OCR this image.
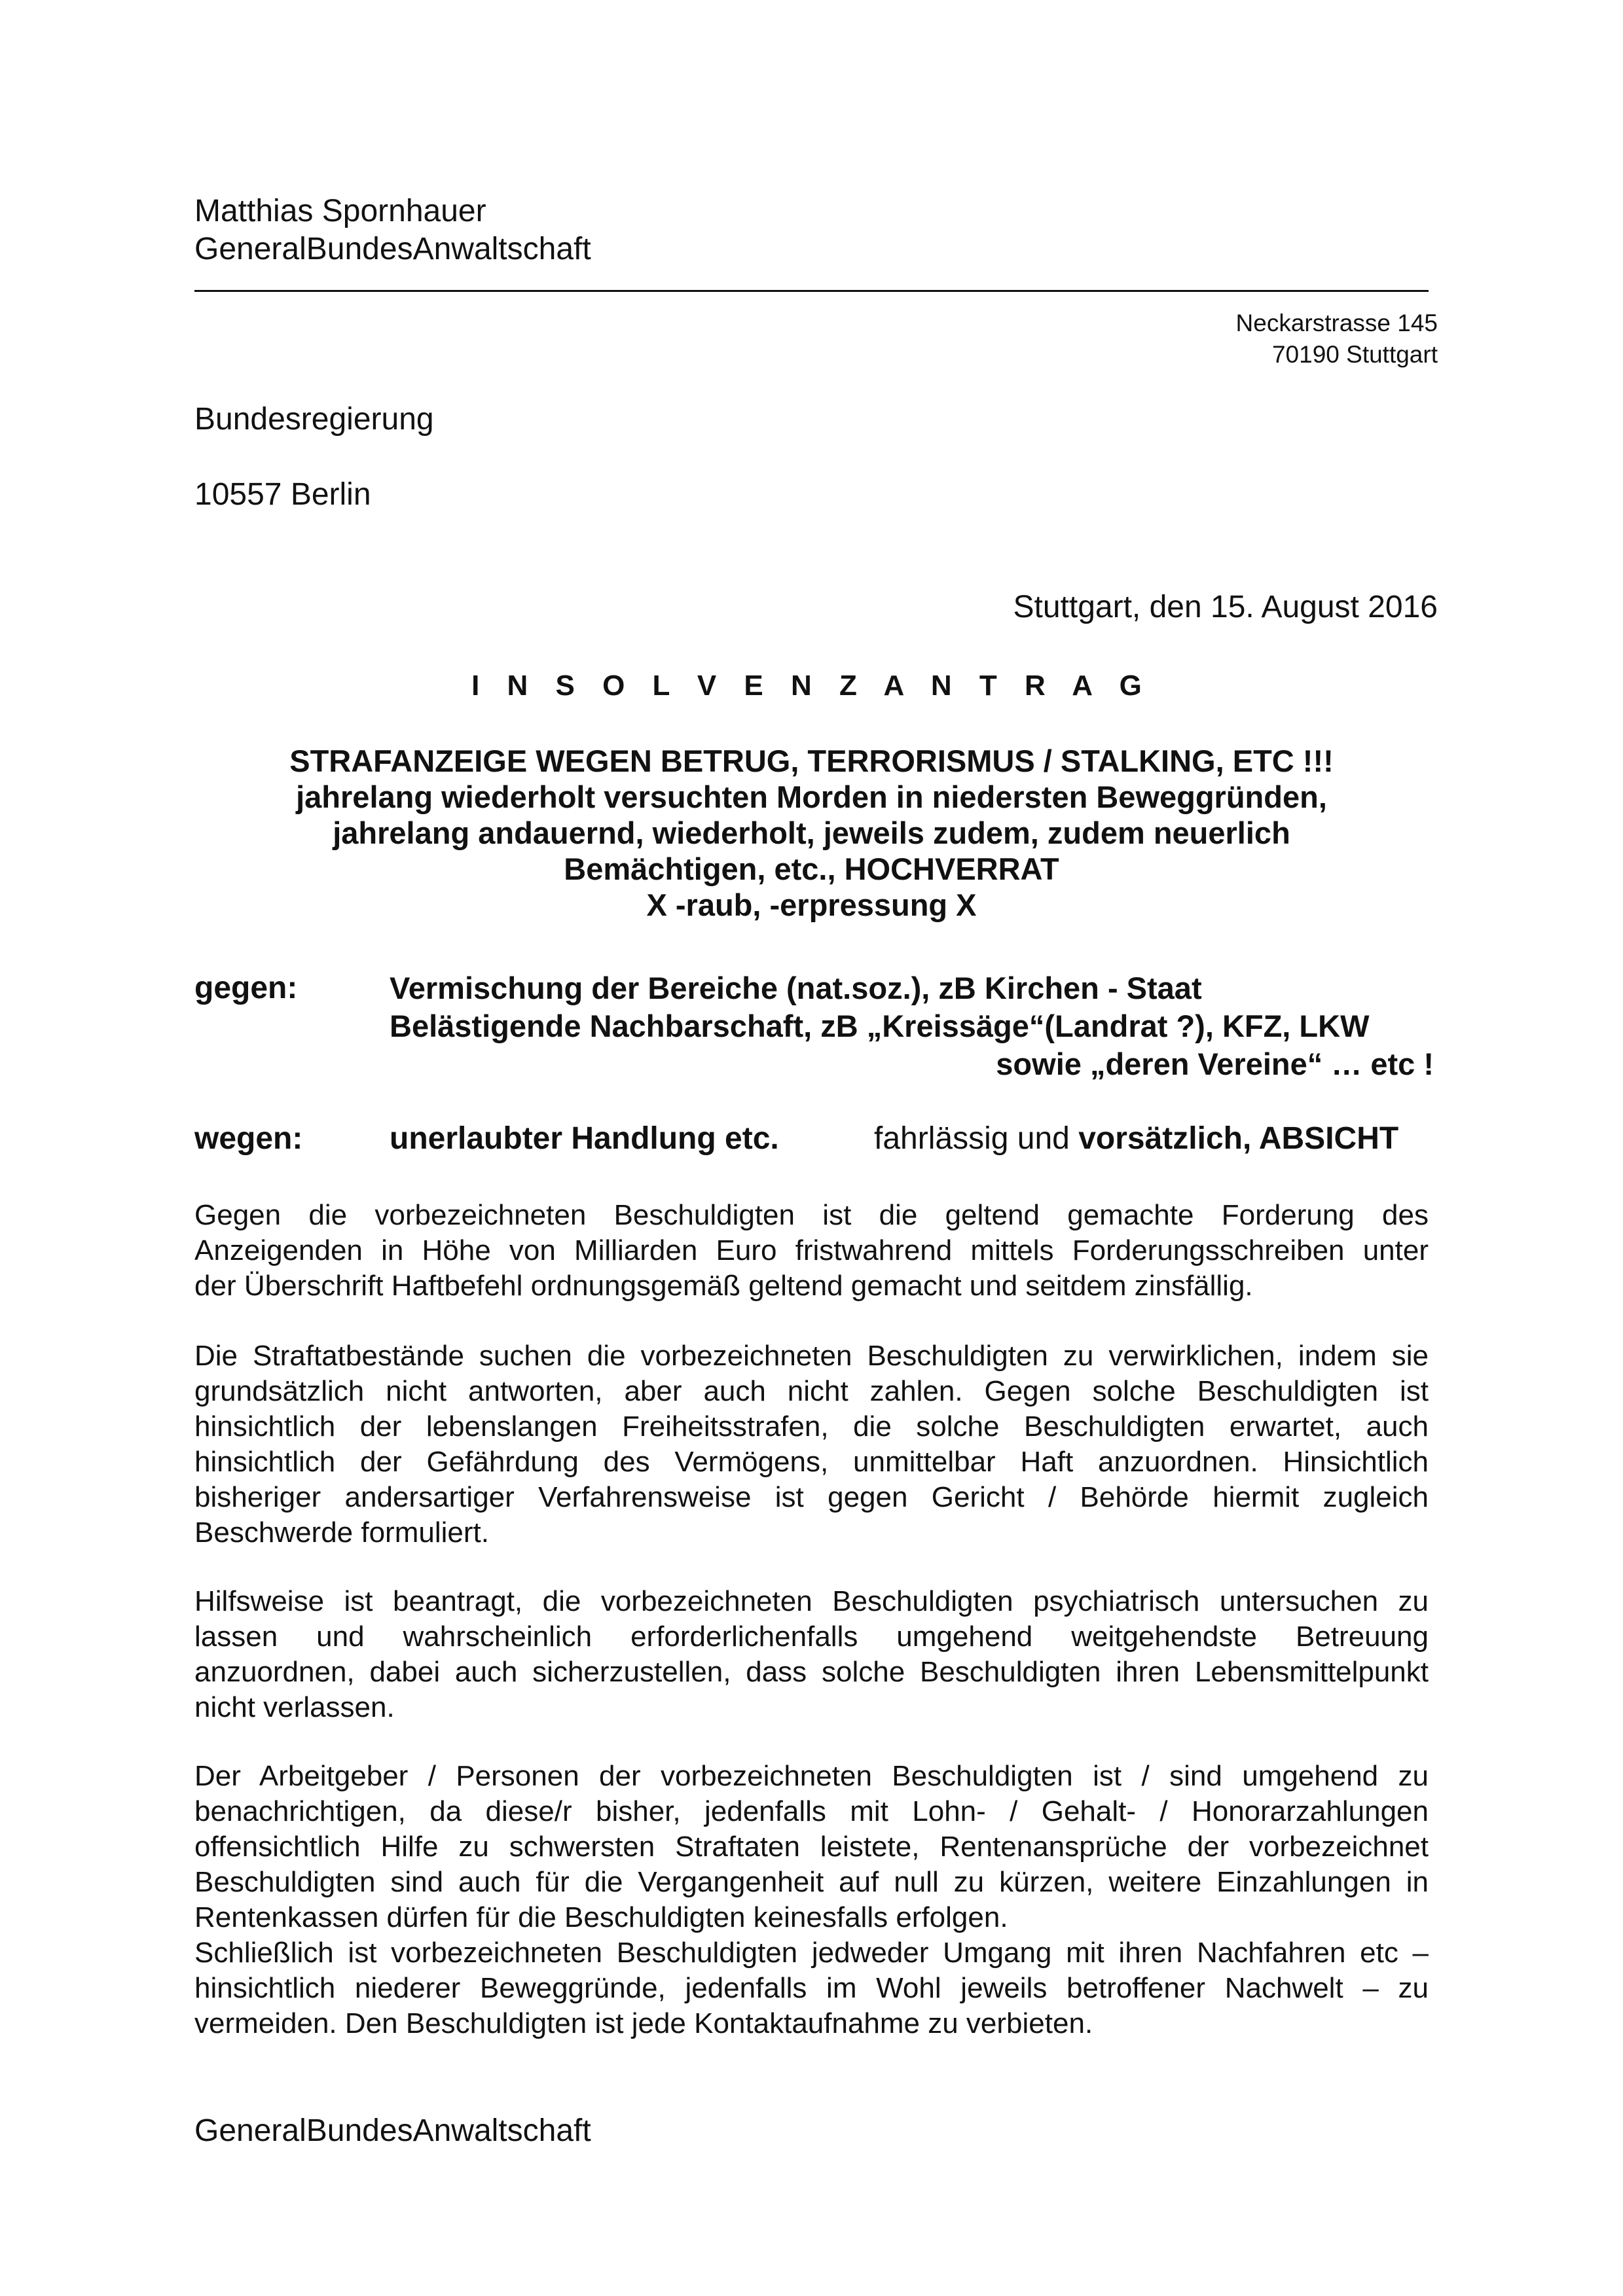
Matthias Spornhauer
GeneralBundesAnwaltschaft
Neckarstrasse 145
70190 Stuttgart
Bundesregierung
10557 Berlin
Stuttgart, den 15. August 2016
I N S O L V E N Z A N T R A G
STRAFANZEIGE WEGEN BETRUG, TERRORISMUS / STALKING, ETC !!!
jahrelang wiederholt versuchten Morden in niedersten Beweggründen,
jahrelang andauernd, wiederholt, jeweils zudem, zudem neuerlich
Bemächtigen, etc., HOCHVERRAT
X -raub, -erpressung X
gegen:	Vermischung der Bereiche (nat.soz.), zB Kirchen - Staat
Belästigende Nachbarschaft, zB „Kreissäge“(Landrat ?), KFZ, LKW
sowie „deren Vereine“ … etc !
wegen:	unerlaubter Handlung etc.	fahrlässig und vorsätzlich, ABSICHT
Gegen die vorbezeichneten Beschuldigten ist die geltend gemachte Forderung des
Anzeigenden in Höhe von Milliarden Euro fristwahrend mittels Forderungsschreiben unter
der Überschrift Haftbefehl ordnungsgemäß geltend gemacht und seitdem zinsfällig.
Die Straftatbestände suchen die vorbezeichneten Beschuldigten zu verwirklichen, indem sie
grundsätzlich nicht antworten, aber auch nicht zahlen. Gegen solche Beschuldigten ist
hinsichtlich der lebenslangen Freiheitsstrafen, die solche Beschuldigten erwartet, auch
hinsichtlich der Gefährdung des Vermögens, unmittelbar Haft anzuordnen. Hinsichtlich
bisheriger andersartiger Verfahrensweise ist gegen Gericht / Behörde hiermit zugleich
Beschwerde formuliert.
Hilfsweise ist beantragt, die vorbezeichneten Beschuldigten psychiatrisch untersuchen zu
lassen und wahrscheinlich erforderlichenfalls umgehend weitgehendste Betreuung
anzuordnen, dabei auch sicherzustellen, dass solche Beschuldigten ihren Lebensmittelpunkt
nicht verlassen.
Der Arbeitgeber / Personen der vorbezeichneten Beschuldigten ist / sind umgehend zu
benachrichtigen, da diese/r bisher, jedenfalls mit Lohn- / Gehalt- / Honorarzahlungen
offensichtlich Hilfe zu schwersten Straftaten leistete, Rentenansprüche der vorbezeichnet
Beschuldigten sind auch für die Vergangenheit auf null zu kürzen, weitere Einzahlungen in
Rentenkassen dürfen für die Beschuldigten keinesfalls erfolgen.
Schließlich ist vorbezeichneten Beschuldigten jedweder Umgang mit ihren Nachfahren etc –
hinsichtlich niederer Beweggründe, jedenfalls im Wohl jeweils betroffener Nachwelt – zu
vermeiden. Den Beschuldigten ist jede Kontaktaufnahme zu verbieten.
GeneralBundesAnwaltschaft
